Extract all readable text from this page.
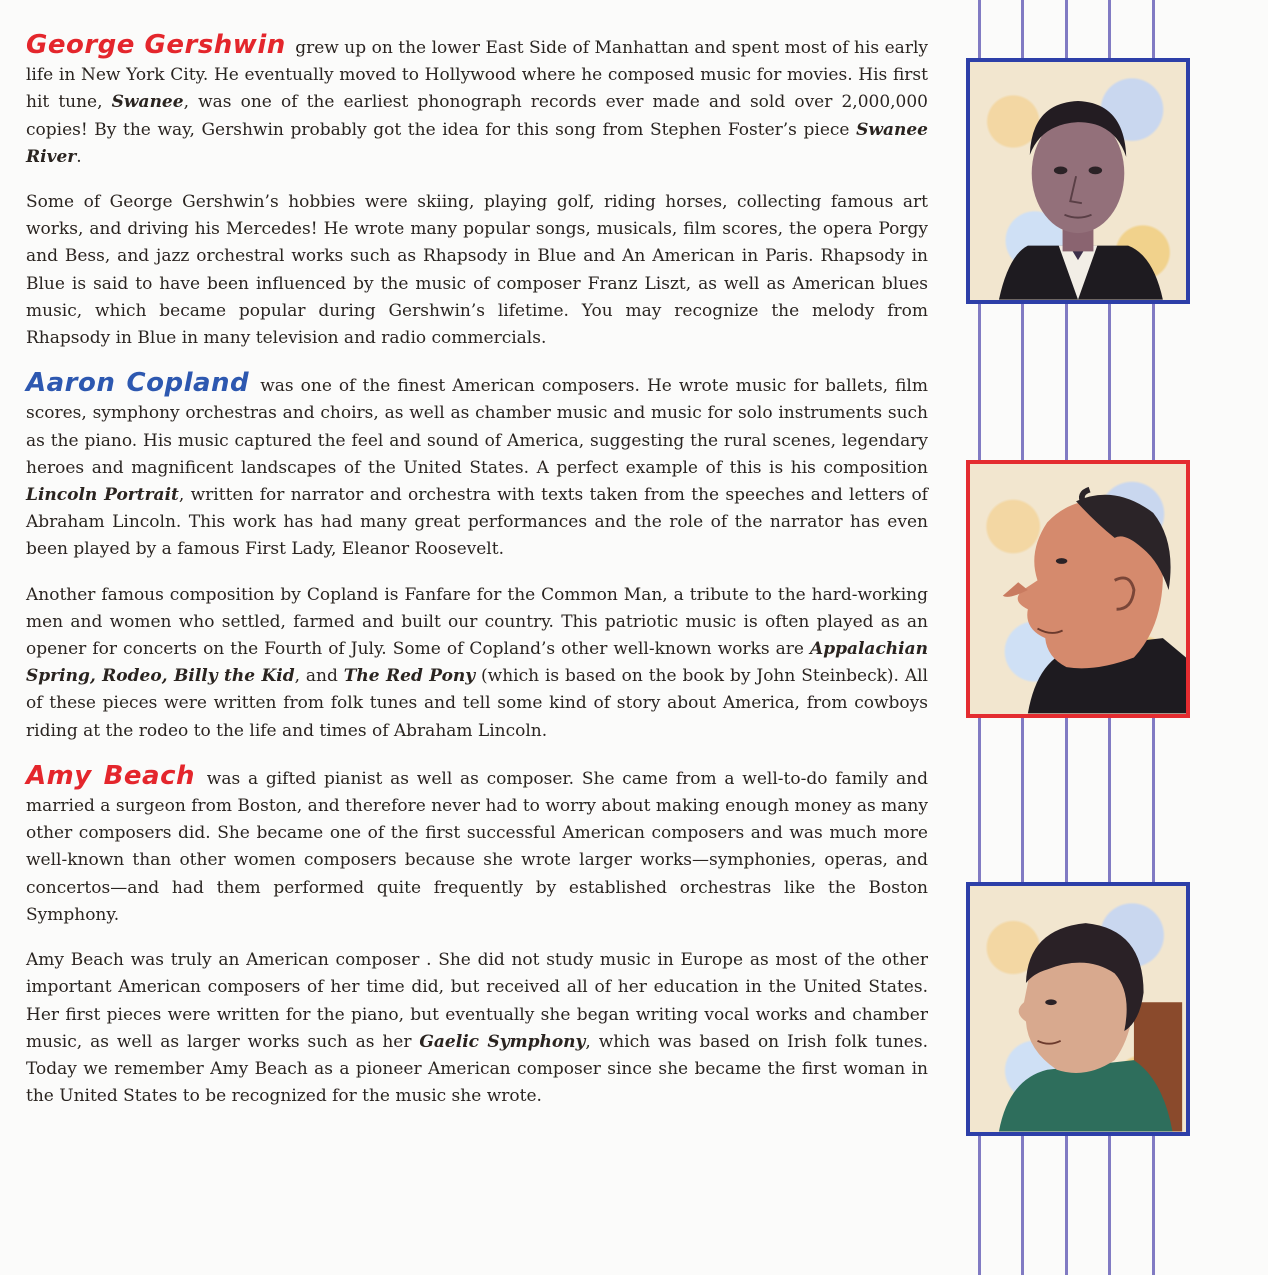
George Gershwin grew up on the lower East Side of Manhattan and spent most of his early life in New York City. He eventually moved to Hollywood where he composed music for movies. His first hit tune, Swanee, was one of the earliest phonograph records ever made and sold over 2,000,000 copies! By the way, Gershwin probably got the idea for this song from Stephen Foster’s piece Swanee River.

Some of George Gershwin’s hobbies were skiing, playing golf, riding horses, collecting famous art works, and driving his Mercedes! He wrote many popular songs, musicals, film scores, the opera Porgy and Bess, and jazz orchestral works such as Rhapsody in Blue and An American in Paris. Rhapsody in Blue is said to have been influenced by the music of composer Franz Liszt, as well as American blues music, which became popular during Gershwin’s lifetime. You may recognize the melody from Rhapsody in Blue in many television and radio commercials.

Aaron Copland was one of the finest American composers. He wrote music for ballets, film scores, symphony orchestras and choirs, as well as chamber music and music for solo instruments such as the piano. His music captured the feel and sound of America, suggesting the rural scenes, legendary heroes and magnificent landscapes of the United States. A perfect example of this is his composition Lincoln Portrait, written for narrator and orchestra with texts taken from the speeches and letters of Abraham Lincoln. This work has had many great performances and the role of the narrator has even been played by a famous First Lady, Eleanor Roosevelt.

Another famous composition by Copland is Fanfare for the Common Man, a tribute to the hard-working men and women who settled, farmed and built our country. This patriotic music is often played as an opener for concerts on the Fourth of July. Some of Copland’s other well-known works are Appalachian Spring, Rodeo, Billy the Kid, and The Red Pony (which is based on the book by John Steinbeck). All of these pieces were written from folk tunes and tell some kind of story about America, from cowboys riding at the rodeo to the life and times of Abraham Lincoln.

Amy Beach was a gifted pianist as well as composer. She came from a well-to-do family and married a surgeon from Boston, and therefore never had to worry about making enough money as many other composers did. She became one of the first successful American composers and was much more well-known than other women composers because she wrote larger works—symphonies, operas, and concertos—and had them performed quite frequently by established orchestras like the Boston Symphony.

Amy Beach was truly an American composer . She did not study music in Europe as most of the other important American composers of her time did, but received all of her education in the United States. Her first pieces were written for the piano, but eventually she began writing vocal works and chamber music, as well as larger works such as her Gaelic Symphony, which was based on Irish folk tunes. Today we remember Amy Beach as a pioneer American composer since she became the first woman in the United States to be recognized for the music she wrote.
